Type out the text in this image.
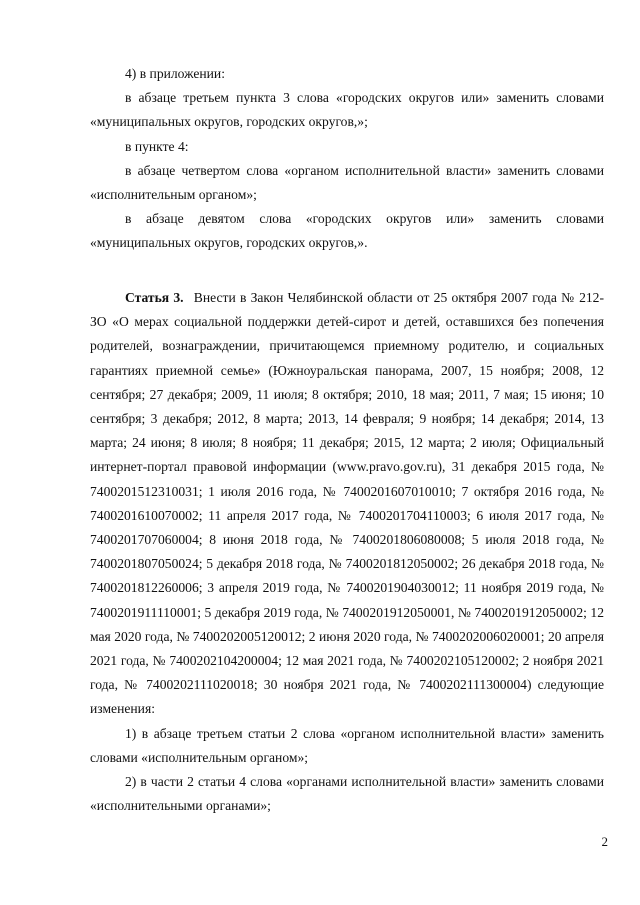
4) в приложении:

в абзаце третьем пункта 3 слова «городских округов или» заменить словами «муниципальных округов, городских округов,»;

в пункте 4:

в абзаце четвертом слова «органом исполнительной власти» заменить словами «исполнительным органом»;

в абзаце девятом слова «городских округов или» заменить словами «муниципальных округов, городских округов,».

Статья 3. Внести в Закон Челябинской области от 25 октября 2007 года № 212-ЗО «О мерах социальной поддержки детей-сирот и детей, оставшихся без попечения родителей, вознаграждении, причитающемся приемному родителю, и социальных гарантиях приемной семье» (Южноуральская панорама, 2007, 15 ноября; 2008, 12 сентября; 27 декабря; 2009, 11 июля; 8 октября; 2010, 18 мая; 2011, 7 мая; 15 июня; 10 сентября; 3 декабря; 2012, 8 марта; 2013, 14 февраля; 9 ноября; 14 декабря; 2014, 13 марта; 24 июня; 8 июля; 8 ноября; 11 декабря; 2015, 12 марта; 2 июля; Официальный интернет-портал правовой информации (www.pravo.gov.ru), 31 декабря 2015 года, № 7400201512310031; 1 июля 2016 года, № 7400201607010010; 7 октября 2016 года, № 7400201610070002; 11 апреля 2017 года, № 7400201704110003; 6 июля 2017 года, № 7400201707060004; 8 июня 2018 года, № 7400201806080008; 5 июля 2018 года, № 7400201807050024; 5 декабря 2018 года, № 7400201812050002; 26 декабря 2018 года, № 7400201812260006; 3 апреля 2019 года, № 7400201904030012; 11 ноября 2019 года, № 7400201911110001; 5 декабря 2019 года, № 7400201912050001, № 7400201912050002; 12 мая 2020 года, № 7400202005120012; 2 июня 2020 года, № 7400202006020001; 20 апреля 2021 года, № 7400202104200004; 12 мая 2021 года, № 7400202105120002; 2 ноября 2021 года, № 7400202111020018; 30 ноября 2021 года, № 7400202111300004) следующие изменения:

1) в абзаце третьем статьи 2 слова «органом исполнительной власти» заменить словами «исполнительным органом»;

2) в части 2 статьи 4 слова «органами исполнительной власти» заменить словами «исполнительными органами»;

2
